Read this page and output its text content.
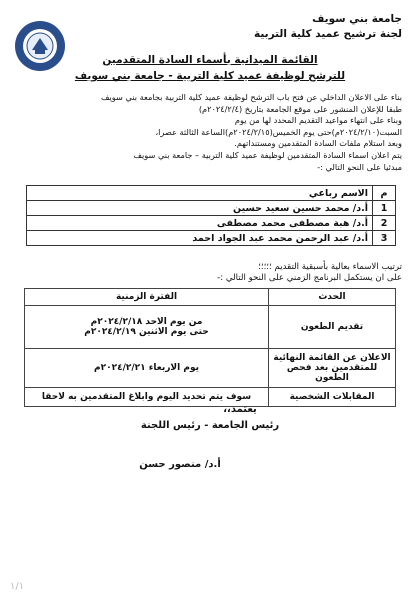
جامعة بني سويف
لجنة ترشيح عميد كلية التربية
القائمة الميدانية بأسماء السادة المتقدمين
للترشح لوظيفة عميد كلية التربية - جامعة بني سويف

بناء على الاعلان الداخلي عن فتح باب الترشح لوظيفة عميد كلية التربية بجامعة بني سويف

طبقا للإعلان المنشور على موقع الجامعة بتاريخ (٢٠٢٤/٢/٤م)

وبناء على انتهاء مواعيد التقديم المحدد لها من يوم

السبت(٢٠٢٤/٢/١٠م)حتى يوم الخميس(٢٠٢٤/٢/١٥م)الساعة الثالثة عصرا،

وبعد استلام ملفات السادة المتقدمين ومستنداتهم.

يتم اعلان اسماء السادة المتقدمين لوظيفة عميد كلية التربية – جامعة بني سويف

مبدئيا على النحو التالي :-

م	الاسم رباعي
1	أ.د/ محمد حسين سعيد حسين
2	أ.د/ هبة مصطفى محمد مصطفى
3	أ.د/ عبد الرحمن محمد عبد الجواد احمد

ترتيب الاسماء بعالية بأسبقية التقديم ؛؛؛؛؛

على ان يستكمل البرنامج الزمني على النحو التالي :-

الحدث	الفترة الزمنية
تقديم الطعون	من يوم الاحد ٢٠٢٤/٢/١٨م
حتى يوم الاثنين ٢٠٢٤/٢/١٩م

الاعلان عن القائمة النهائية
للمتقدمين بعد فحص الطعون	يوم الاربعاء ٢٠٢٤/٢/٢١م

المقابلات الشخصية	سوف يتم تحديد اليوم وابلاغ المتقدمين به لاحقا
يعتمد،،
رئيس الجامعة - رئيس اللجنة
أ.د/ منصور حسن
١/١
